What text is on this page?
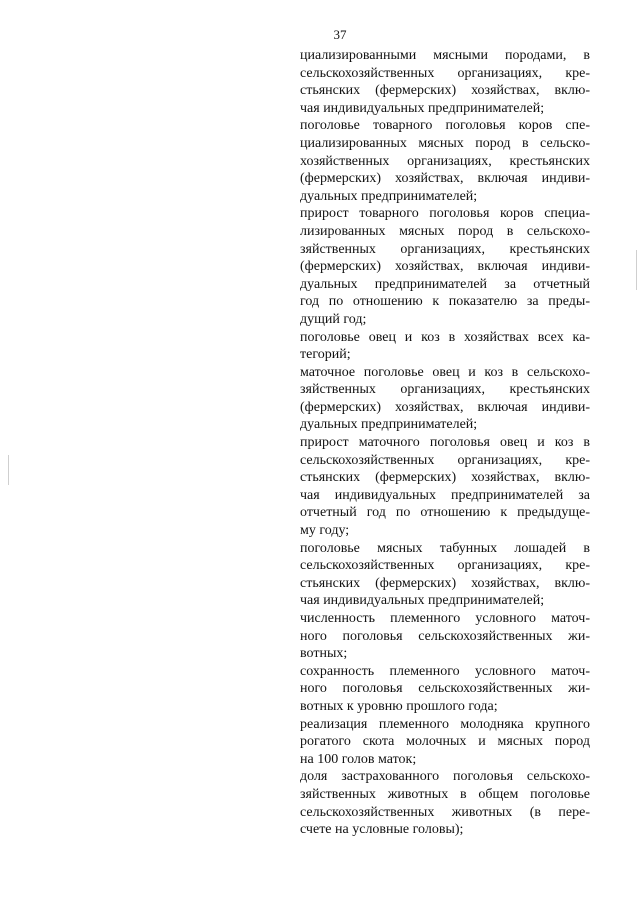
37

циализированными мясными породами, в
сельскохозяйственных организациях, кре-
стьянских (фермерских) хозяйствах, вклю-
чая индивидуальных предпринимателей;

поголовье товарного поголовья коров спе-
циализированных мясных пород в сельско-
хозяйственных организациях, крестьянских
(фермерских) хозяйствах, включая индиви-
дуальных предпринимателей;

прирост товарного поголовья коров специа-
лизированных мясных пород в сельскохо-
зяйственных организациях, крестьянских
(фермерских) хозяйствах, включая индиви-
дуальных предпринимателей за отчетный
год по отношению к показателю за преды-
дущий год;

поголовье овец и коз в хозяйствах всех ка-
тегорий;

маточное поголовье овец и коз в сельскохо-
зяйственных организациях, крестьянских
(фермерских) хозяйствах, включая индиви-
дуальных предпринимателей;

прирост маточного поголовья овец и коз в
сельскохозяйственных организациях, кре-
стьянских (фермерских) хозяйствах, вклю-
чая индивидуальных предпринимателей за
отчетный год по отношению к предыдуще-
му году;

поголовье мясных табунных лошадей в
сельскохозяйственных организациях, кре-
стьянских (фермерских) хозяйствах, вклю-
чая индивидуальных предпринимателей;

численность племенного условного маточ-
ного поголовья сельскохозяйственных жи-
вотных;

сохранность племенного условного маточ-
ного поголовья сельскохозяйственных жи-
вотных к уровню прошлого года;

реализация племенного молодняка крупного
рогатого скота молочных и мясных пород
на 100 голов маток;

доля застрахованного поголовья сельскохо-
зяйственных животных в общем поголовье
сельскохозяйственных животных (в пере-
счете на условные головы);
